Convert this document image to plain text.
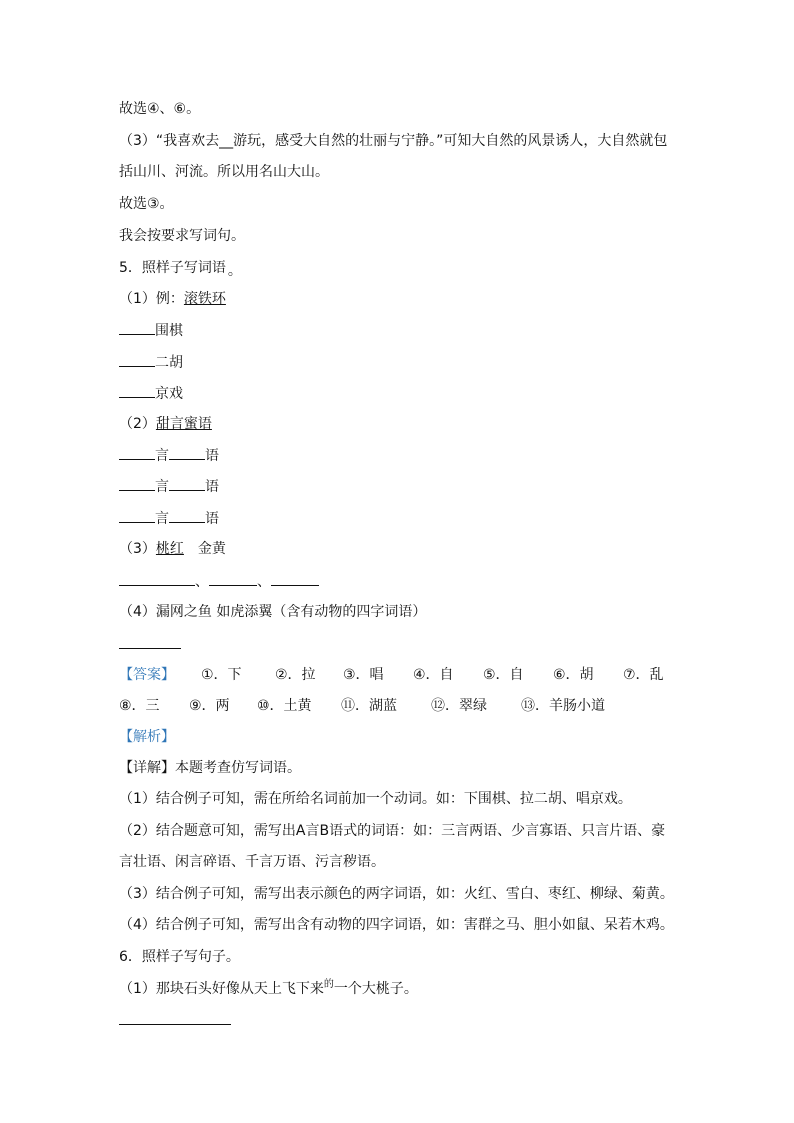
故选④、⑥。
（3）“我喜欢去__游玩，感受大自然的壮丽与宁静。”可知大自然的风景诱人，大自然就包
括山川、河流。所以用名山大山。
故选③。
我会按要求写词句。
5．照样子写词语 。
（1）例：滚铁环
围棋
二胡
京戏
（2）甜言蜜语
言	语
言	语
言	语
（3）桃红 金黄
、	、
（4）漏网之鱼 如虎添翼（含有动物的四字词语）
【答案】 ①．下 ②．拉 ③．唱 ④．自 ⑤．自 ⑥．胡 ⑦．乱
⑧．三 ⑨．两 ⑩．土黄 ⑪．湖蓝 ⑫．翠绿 ⑬．羊肠小道
【解析】
【详解】本题考查仿写词语。
（1）结合例子可知，需在所给名词前加一个动词。如：下围棋、拉二胡、唱京戏。
（2）结合题意可知，需写出A言B语式的词语：如：三言两语、少言寡语、只言片语、豪
言壮语、闲言碎语、千言万语、污言秽语。
（3）结合例子可知，需写出表示颜色的两字词语，如：火红、雪白、枣红、柳绿、菊黄。
（4）结合例子可知，需写出含有动物的四字词语，如：害群之马、胆小如鼠、呆若木鸡。
6．照样子写句子。
（1）那块石头好像从天上飞下来$^的$一个大桃子。
